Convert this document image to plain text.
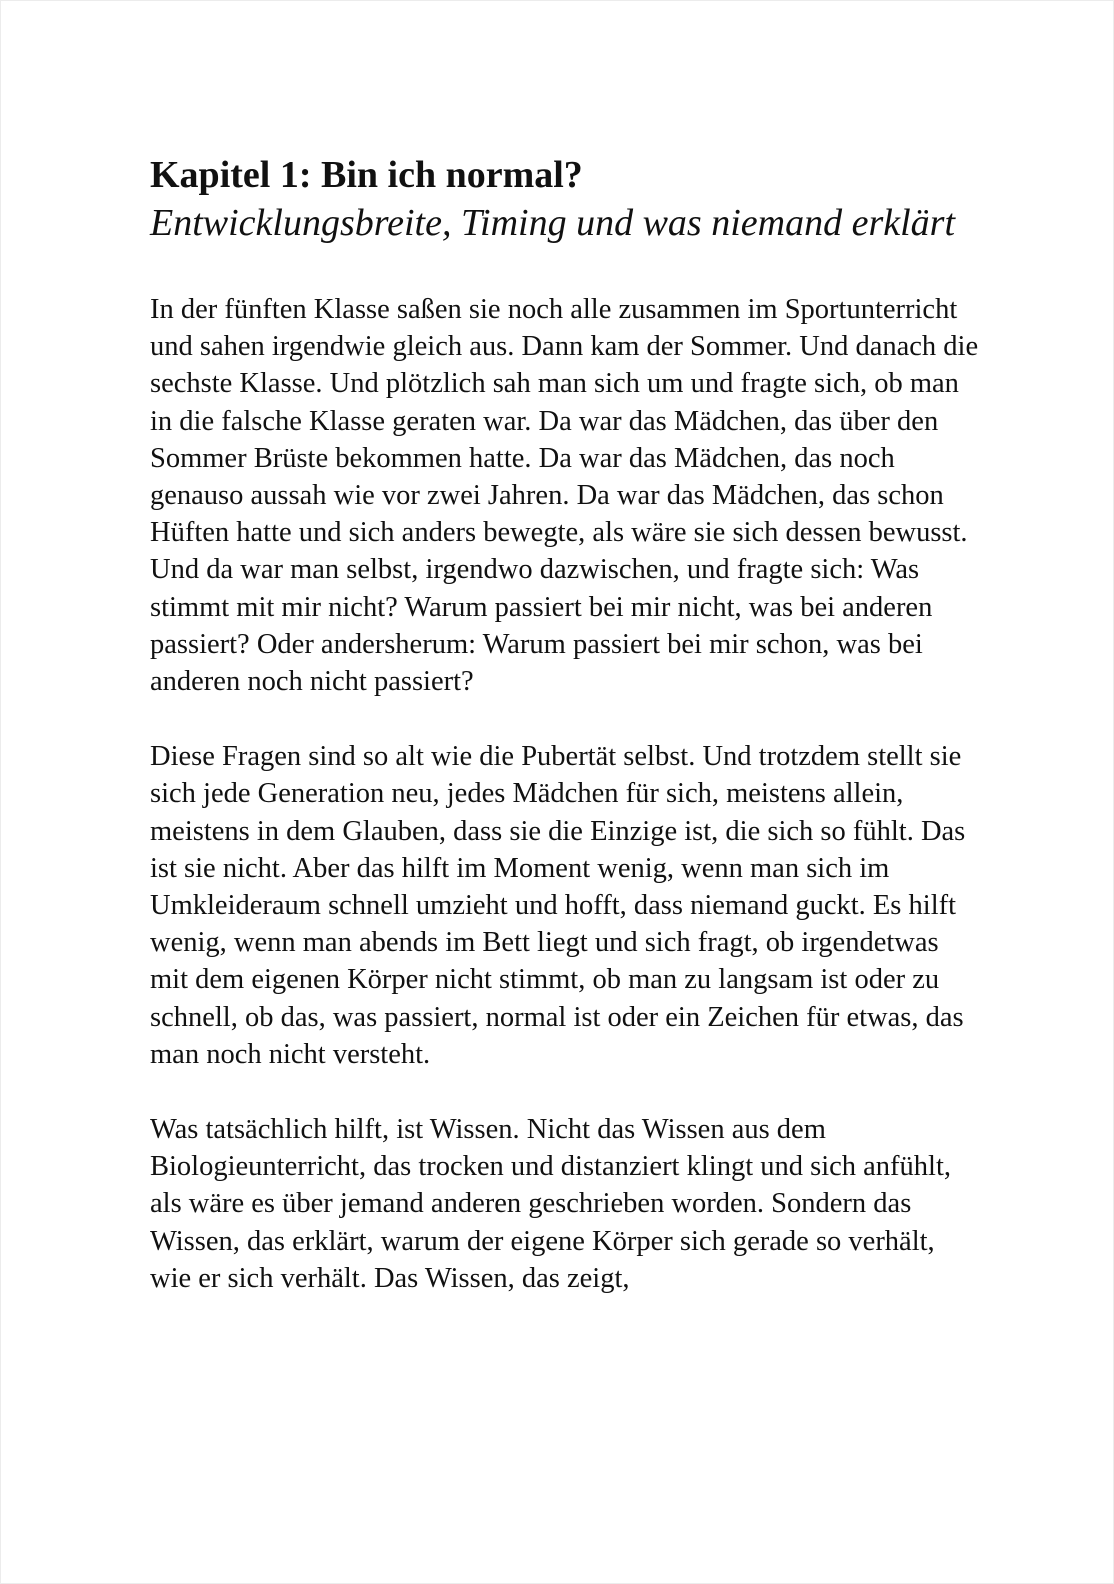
Kapitel 1: Bin ich normal?
Entwicklungsbreite, Timing und was niemand erklärt

In der fünften Klasse saßen sie noch alle zusammen im Sportunterricht und sahen irgendwie gleich aus. Dann kam der Sommer. Und danach die sechste Klasse. Und plötzlich sah man sich um und fragte sich, ob man in die falsche Klasse geraten war. Da war das Mädchen, das über den Sommer Brüste bekommen hatte. Da war das Mädchen, das noch genauso aussah wie vor zwei Jahren. Da war das Mädchen, das schon Hüften hatte und sich anders bewegte, als wäre sie sich dessen bewusst. Und da war man selbst, irgendwo dazwischen, und fragte sich: Was stimmt mit mir nicht? Warum passiert bei mir nicht, was bei anderen passiert? Oder andersherum: Warum passiert bei mir schon, was bei anderen noch nicht passiert?

Diese Fragen sind so alt wie die Pubertät selbst. Und trotzdem stellt sie sich jede Generation neu, jedes Mädchen für sich, meistens allein, meistens in dem Glauben, dass sie die Einzige ist, die sich so fühlt. Das ist sie nicht. Aber das hilft im Moment wenig, wenn man sich im Umkleideraum schnell umzieht und hofft, dass niemand guckt. Es hilft wenig, wenn man abends im Bett liegt und sich fragt, ob irgendetwas mit dem eigenen Körper nicht stimmt, ob man zu langsam ist oder zu schnell, ob das, was passiert, normal ist oder ein Zeichen für etwas, das man noch nicht versteht.

Was tatsächlich hilft, ist Wissen. Nicht das Wissen aus dem Biologieunterricht, das trocken und distanziert klingt und sich anfühlt, als wäre es über jemand anderen geschrieben worden. Sondern das Wissen, das erklärt, warum der eigene Körper sich gerade so verhält, wie er sich verhält. Das Wissen, das zeigt,
